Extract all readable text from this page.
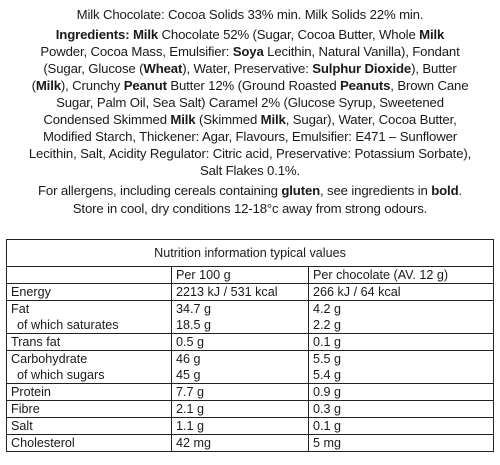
Milk Chocolate: Cocoa Solids 33% min. Milk Solids 22% min.
Ingredients: Milk Chocolate 52% (Sugar, Cocoa Butter, Whole Milk
Powder, Cocoa Mass, Emulsifier: Soya Lecithin, Natural Vanilla), Fondant
(Sugar, Glucose (Wheat), Water, Preservative: Sulphur Dioxide), Butter
(Milk), Crunchy Peanut Butter 12% (Ground Roasted Peanuts, Brown Cane
Sugar, Palm Oil, Sea Salt) Caramel 2% (Glucose Syrup, Sweetened
Condensed Skimmed Milk (Skimmed Milk, Sugar), Water, Cocoa Butter,
Modified Starch, Thickener: Agar, Flavours, Emulsifier: E471 – Sunflower
Lecithin, Salt, Acidity Regulator: Citric acid, Preservative: Potassium Sorbate),
Salt Flakes 0.1%.
For allergens, including cereals containing gluten, see ingredients in bold.
Store in cool, dry conditions 12-18°c away from strong odours.
Nutrition information typical values		
	Per 100 g	Per chocolate (AV. 12 g)
Energy	2213 kJ / 531 kcal	266 kJ / 64 kcal
Fat	34.7 g	4.2 g
of which saturates	18.5 g	2.2 g
Trans fat	0.5 g	0.1 g
Carbohydrate	46 g	5.5 g
of which sugars	45 g	5.4 g
Protein	7.7 g	0.9 g
Fibre	2.1 g	0.3 g
Salt	1.1 g	0.1 g
Cholesterol	42 mg	5 mg
